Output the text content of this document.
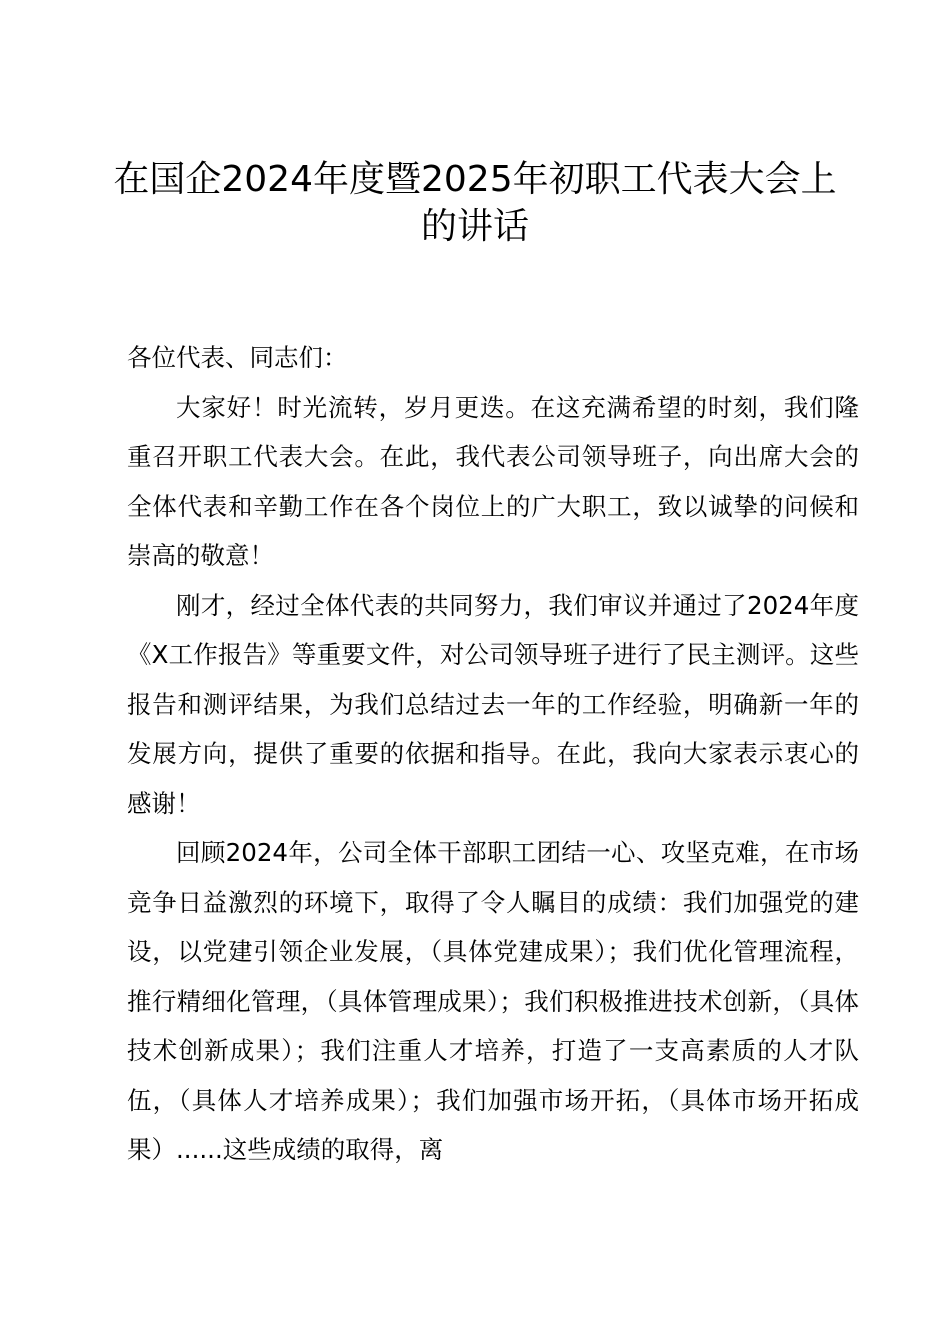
在国企2024年度暨2025年初职工代表大会上的讲话

各位代表、同志们：

大家好！时光流转，岁月更迭。在这充满希望的时刻，我们隆重召开职工代表大会。在此，我代表公司领导班子，向出席大会的全体代表和辛勤工作在各个岗位上的广大职工，致以诚挚的问候和崇高的敬意！

刚才，经过全体代表的共同努力，我们审议并通过了2024年度《X工作报告》等重要文件，对公司领导班子进行了民主测评。这些报告和测评结果，为我们总结过去一年的工作经验，明确新一年的发展方向，提供了重要的依据和指导。在此，我向大家表示衷心的感谢！

回顾2024年，公司全体干部职工团结一心、攻坚克难，在市场竞争日益激烈的环境下，取得了令人瞩目的成绩：我们加强党的建设，以党建引领企业发展，（具体党建成果）；我们优化管理流程，推行精细化管理，（具体管理成果）；我们积极推进技术创新，（具体技术创新成果）；我们注重人才培养，打造了一支高素质的人才队伍，（具体人才培养成果）；我们加强市场开拓，（具体市场开拓成果）......这些成绩的取得，离
